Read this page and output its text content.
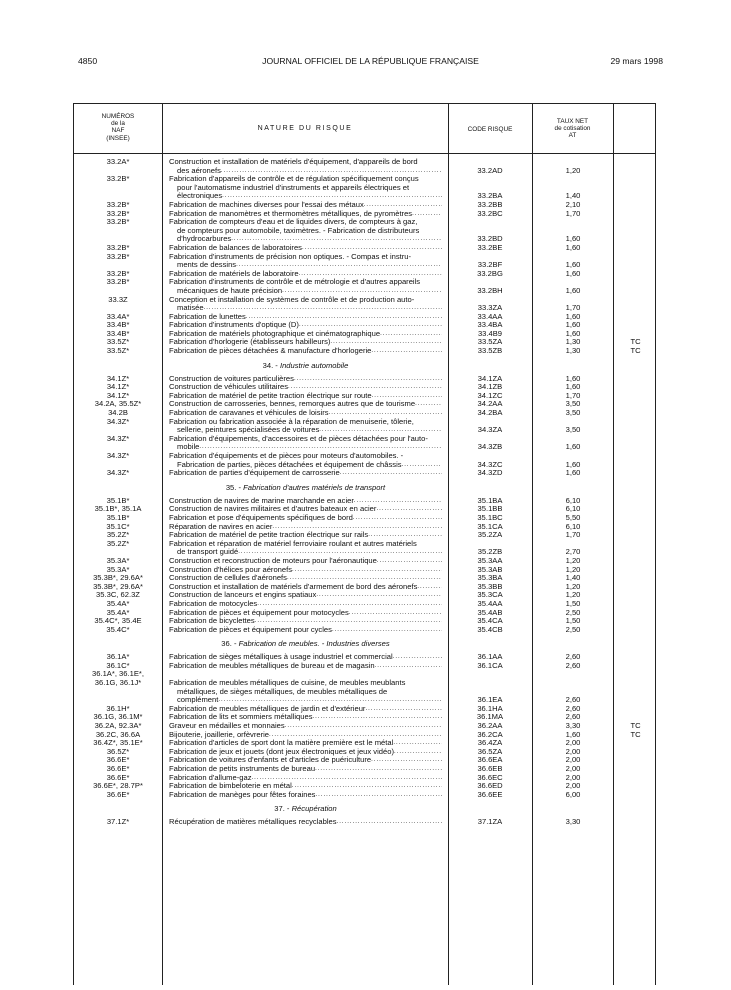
4850	JOURNAL OFFICIEL DE LA RÉPUBLIQUE FRANÇAISE	29 mars 1998
NUMÉROS
de la
NAF
(INSEE)
NATURE DU RISQUE	CODE RISQUE
TAUX NET
de cotisation
AT
33.2A*	Construction et installation de matériels d'équipement, d'appareils de bord
des aéronefs .....	33.2AD	1,20
33.2B*	Fabrication d'appareils de contrôle et de régulation spécifiquement conçus
pour l'automatisme industriel d'instruments et appareils électriques et
électroniques .....	33.2BA	1,40
33.2B*	Fabrication de machines diverses pour l'essai des métaux .....	33.2BB	2,10
33.2B*	Fabrication de manomètres et thermomètres métalliques, de pyromètres .....	33.2BC	1,70
33.2B*	Fabrication de compteurs d'eau et de liquides divers, de compteurs à gaz,
de compteurs pour automobile, taximètres. - Fabrication de distributeurs
d'hydrocarbures .....	33.2BD	1,60
33.2B*	Fabrication de balances de laboratoires .....	33.2BE	1,60
33.2B*	Fabrication d'instruments de précision non optiques. - Compas et instru-
ments de dessins .....	33.2BF	1,60
33.2B*	Fabrication de matériels de laboratoire .....	33.2BG	1,60
33.2B*	Fabrication d'instruments de contrôle et de métrologie et d'autres appareils
mécaniques de haute précision .....	33.2BH	1,60
33.3Z	Conception et installation de systèmes de contrôle et de production auto-
matisée .....	33.3ZA	1,70
33.4A*	Fabrication de lunettes .....	33.4AA	1,60
33.4B*	Fabrication d'instruments d'optique (D) .....	33.4BA	1,60
33.4B*	Fabrication de matériels photographique et cinématographique .....	33.4B9	1,60
33.5Z*	Fabrication d'horlogerie (établisseurs habilleurs) .....	33.5ZA	1,30	TC
33.5Z*	Fabrication de pièces détachées & manufacture d'horlogerie .....	33.5ZB	1,30	TC
34. - Industrie automobile
34.1Z*	Construction de voitures particulières .....	34.1ZA	1,60
34.1Z*	Construction de véhicules utilitaires .....	34.1ZB	1,60
34.1Z*	Fabrication de matériel de petite traction électrique sur route .....	34.1ZC	1,70
34.2A, 35.5Z*	Construction de carrosseries, bennes, remorques autres que de tourisme .....	34.2AA	3,50
34.2B	Fabrication de caravanes et véhicules de loisirs .....	34.2BA	3,50
34.3Z*	Fabrication ou fabrication associée à la réparation de menuiserie, tôlerie,
sellerie, peintures spécialisées de voitures .....	34.3ZA	3,50
34.3Z*	Fabrication d'équipements, d'accessoires et de pièces détachées pour l'auto-
mobile .....	34.3ZB	1,60
34.3Z*	Fabrication d'équipements et de pièces pour moteurs d'automobiles. -
Fabrication de parties, pièces détachées et équipement de châssis .....	34.3ZC	1,60
34.3Z*	Fabrication de parties d'équipement de carrosserie .....	34.3ZD	1,60
35. - Fabrication d'autres matériels de transport
35.1B*	Construction de navires de marine marchande en acier .....	35.1BA	6,10
35.1B*, 35.1A	Construction de navires militaires et d'autres bateaux en acier .....	35.1BB	6,10
35.1B*	Fabrication et pose d'équipements spécifiques de bord .....	35.1BC	5,50
35.1C*	Réparation de navires en acier .....	35.1CA	6,10
35.2Z*	Fabrication de matériel de petite traction électrique sur rails .....	35.2ZA	1,70
35.2Z*	Fabrication et réparation de matériel ferroviaire roulant et autres matériels
de transport guidé .....	35.2ZB	2,70
35.3A*	Construction et reconstruction de moteurs pour l'aéronautique .....	35.3AA	1,20
35.3A*	Construction d'hélices pour aéronefs .....	35.3AB	1,20
35.3B*, 29.6A*	Construction de cellules d'aéronefs .....	35.3BA	1,40
35.3B*, 29.6A*	Construction et installation de matériels d'armement de bord des aéronefs .....	35.3BB	1,20
35.3C, 62.3Z	Construction de lanceurs et engins spatiaux .....	35.3CA	1,20
35.4A*	Fabrication de motocycles .....	35.4AA	1,50
35.4A*	Fabrication de pièces et équipement pour motocycles .....	35.4AB	2,50
35.4C*, 35.4E	Fabrication de bicyclettes .....	35.4CA	1,50
35.4C*	Fabrication de pièces et équipement pour cycles .....	35.4CB	2,50
36. - Fabrication de meubles. - Industries diverses
36.1A*	Fabrication de sièges métalliques à usage industriel et commercial .....	36.1AA	2,60
36.1C*	Fabrication de meubles métalliques de bureau et de magasin .....	36.1CA	2,60
36.1A*, 36.1E*,
36.1G, 36.1J*	Fabrication de meubles métalliques de cuisine, de meubles meublants
métalliques, de sièges métalliques, de meubles métalliques de
complément .....	36.1EA	2,60
36.1H*	Fabrication de meubles métalliques de jardin et d'extérieur .....	36.1HA	2,60
36.1G, 36.1M*	Fabrication de lits et sommiers métalliques .....	36.1MA	2,60
36.2A, 92.3A*	Graveur en médailles et monnaies .....	36.2AA	3,30	TC
36.2C, 36.6A	Bijouterie, joaillerie, orfèvrerie .....	36.2CA	1,60	TC
36.4Z*, 35.1E*	Fabrication d'articles de sport dont la matière première est le métal .....	36.4ZA	2,00
36.5Z*	Fabrication de jeux et jouets (dont jeux électroniques et jeux vidéo) .....	36.5ZA	2,00
36.6E*	Fabrication de voitures d'enfants et d'articles de puériculture .....	36.6EA	2,00
36.6E*	Fabrication de petits instruments de bureau .....	36.6EB	2,00
36.6E*	Fabrication d'allume-gaz .....	36.6EC	2,00
36.6E*, 28.7P*	Fabrication de bimbeloterie en métal .....	36.6ED	2,00
36.6E*	Fabrication de manèges pour fêtes foraines .....	36.6EE	6,00
37. - Récupération
37.1Z*	Récupération de matières métalliques recyclables .....	37.1ZA	3,30
